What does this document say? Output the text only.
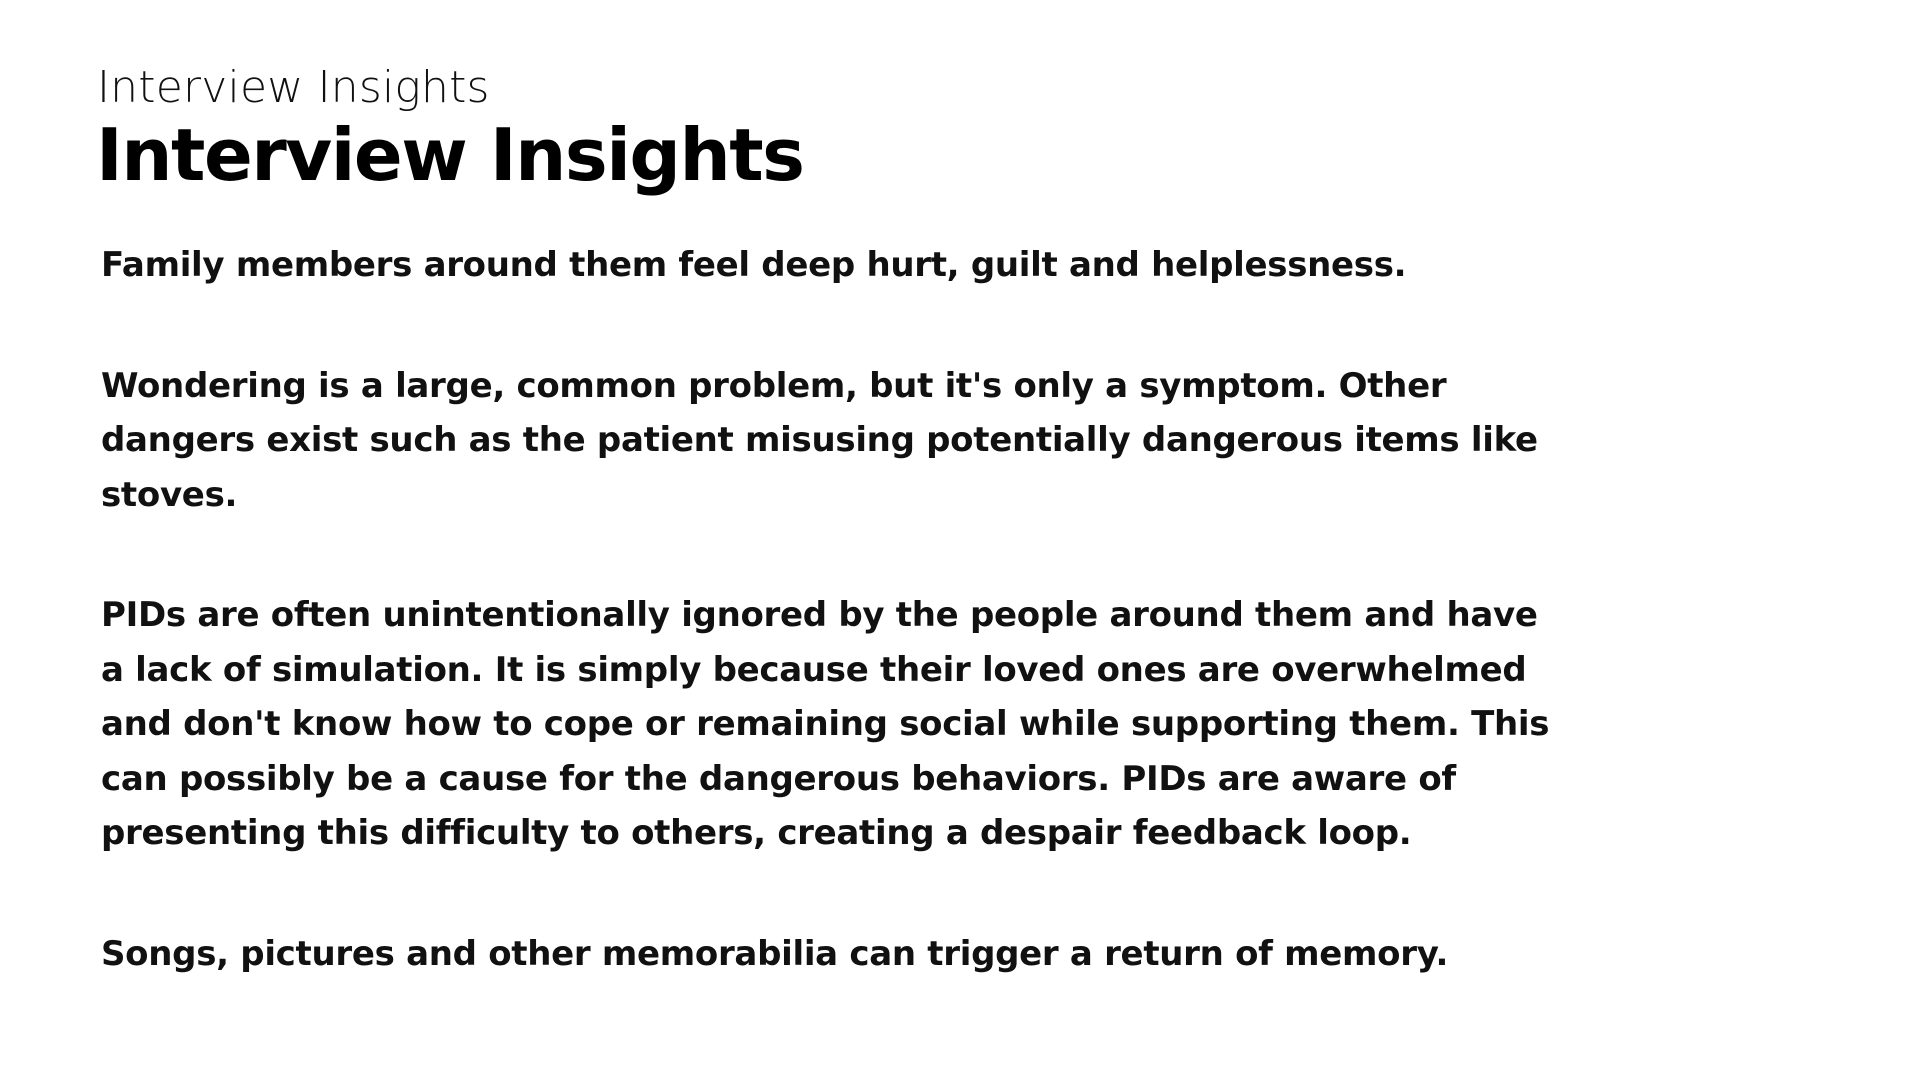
Interview Insights
Interview Insights

Family members around them feel deep hurt, guilt and helplessness.

Wondering is a large, common problem, but it's only a symptom. Other dangers exist such as the patient misusing potentially dangerous items like stoves.

PIDs are often unintentionally ignored by the people around them and have a lack of simulation. It is simply because their loved ones are overwhelmed and don't know how to cope or remaining social while supporting them. This can possibly be a cause for the dangerous behaviors. PIDs are aware of presenting this difficulty to others, creating a despair feedback loop.

Songs, pictures and other memorabilia can trigger a return of memory.
